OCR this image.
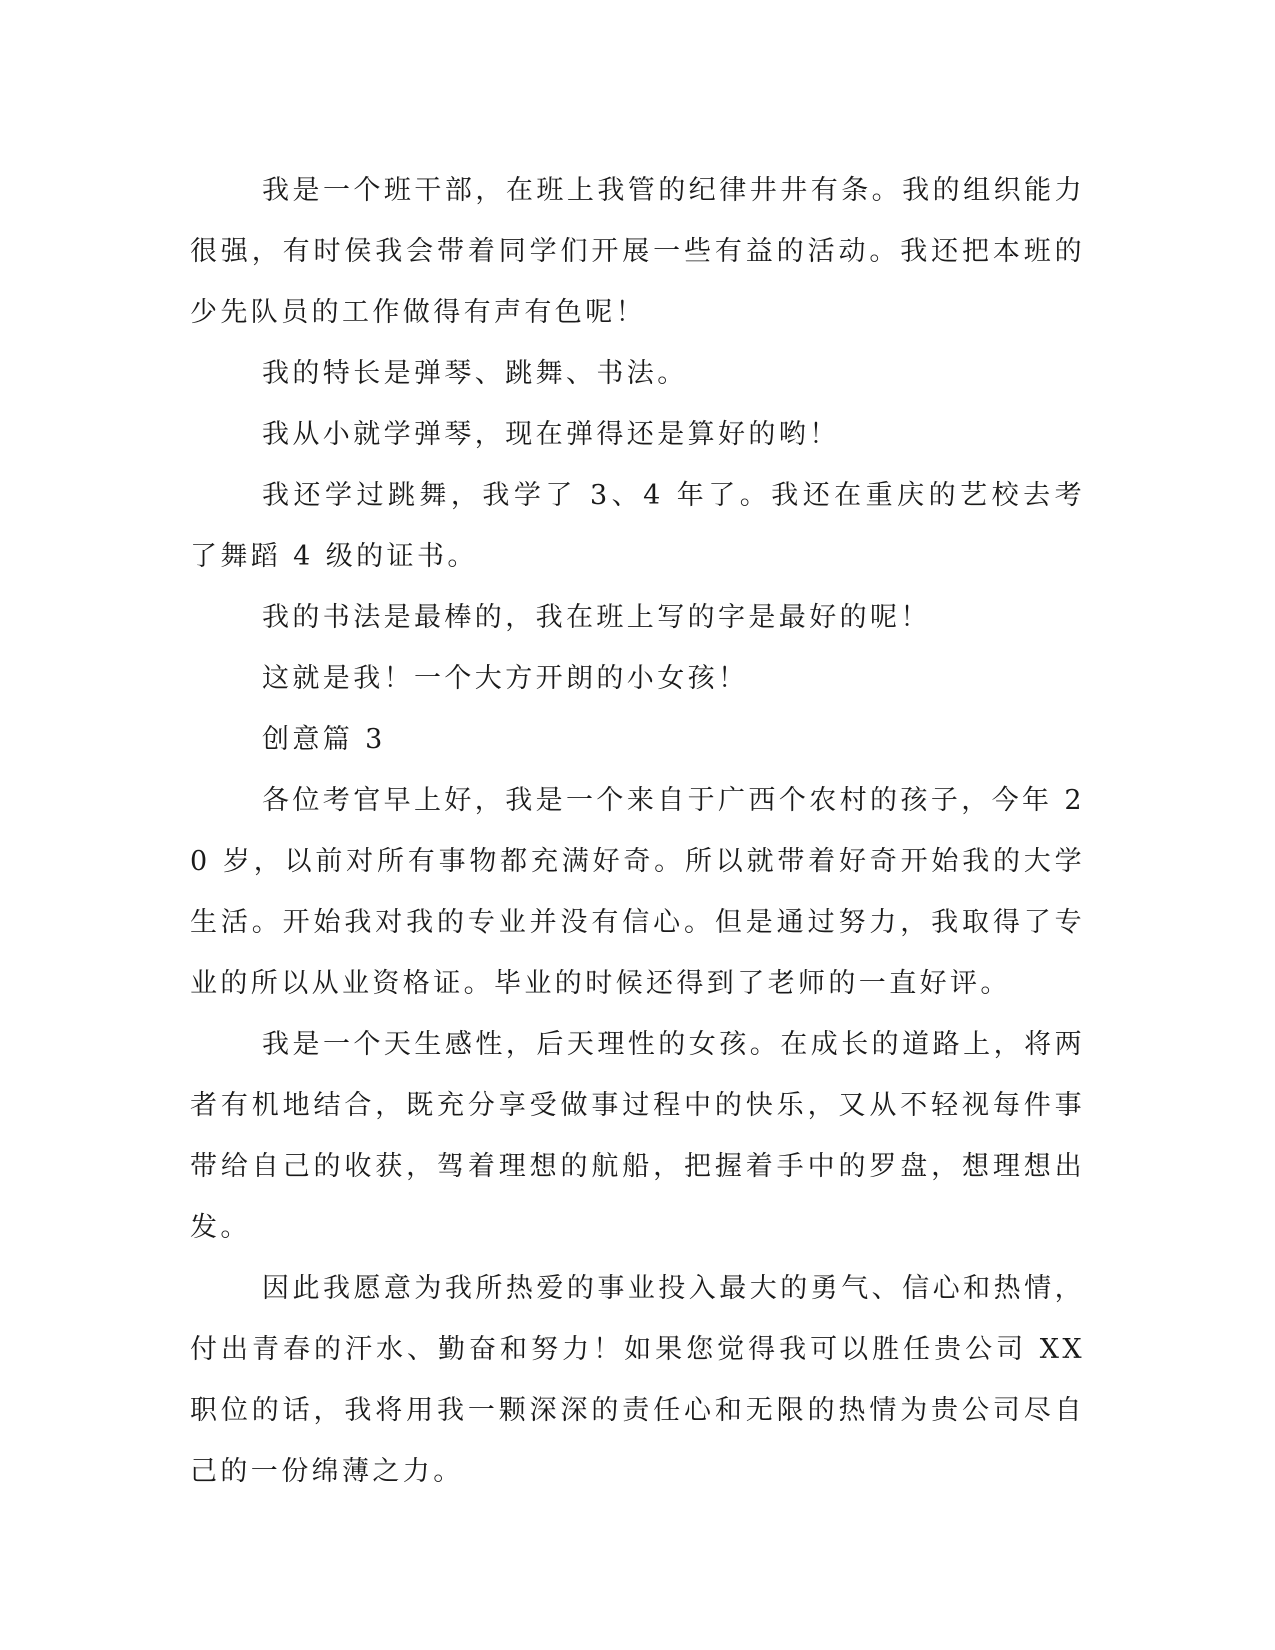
我是一个班干部，在班上我管的纪律井井有条。我的组织能力很强，有时侯我会带着同学们开展一些有益的活动。我还把本班的少先队员的工作做得有声有色呢！

我的特长是弹琴、跳舞、书法。

我从小就学弹琴，现在弹得还是算好的哟！

我还学过跳舞，我学了 3、4 年了。我还在重庆的艺校去考了舞蹈 4 级的证书。

我的书法是最棒的，我在班上写的字是最好的呢！

这就是我！一个大方开朗的小女孩！

创意篇 3

各位考官早上好，我是一个来自于广西个农村的孩子，今年 20 岁，以前对所有事物都充满好奇。所以就带着好奇开始我的大学生活。开始我对我的专业并没有信心。但是通过努力，我取得了专业的所以从业资格证。毕业的时候还得到了老师的一直好评。

我是一个天生感性，后天理性的女孩。在成长的道路上，将两者有机地结合，既充分享受做事过程中的快乐，又从不轻视每件事带给自己的收获，驾着理想的航船，把握着手中的罗盘，想理想出发。

因此我愿意为我所热爱的事业投入最大的勇气、信心和热情，付出青春的汗水、勤奋和努力！如果您觉得我可以胜任贵公司 XX 职位的话，我将用我一颗深深的责任心和无限的热情为贵公司尽自己的一份绵薄之力。
